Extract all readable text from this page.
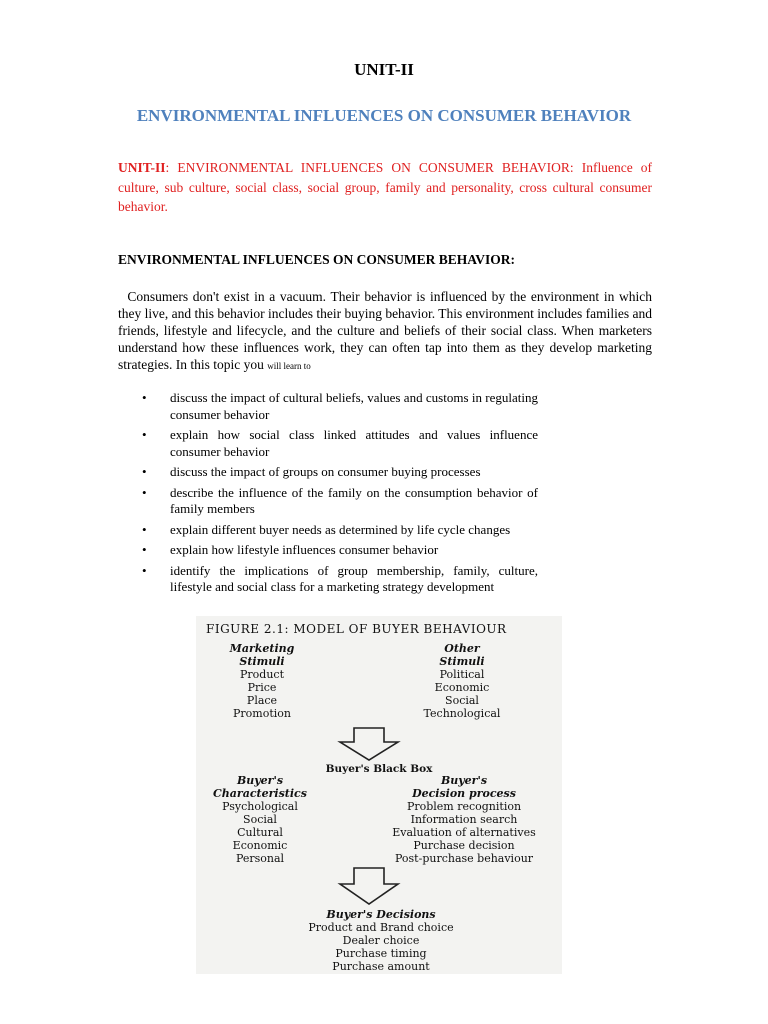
UNIT-II
ENVIRONMENTAL INFLUENCES ON CONSUMER BEHAVIOR
UNIT-II: ENVIRONMENTAL INFLUENCES ON CONSUMER BEHAVIOR: Influence of culture, sub culture, social class, social group, family and personality, cross cultural consumer behavior.
ENVIRONMENTAL INFLUENCES ON CONSUMER BEHAVIOR:
Consumers don't exist in a vacuum. Their behavior is influenced by the environment in which they live, and this behavior includes their buying behavior. This environment includes families and friends, lifestyle and lifecycle, and the culture and beliefs of their social class. When marketers understand how these influences work, they can often tap into them as they develop marketing strategies. In this topic you will learn to
• discuss the impact of cultural beliefs, values and customs in regulating consumer behavior
• explain how social class linked attitudes and values influence consumer behavior
• discuss the impact of groups on consumer buying processes
• describe the influence of the family on the consumption behavior of family members
• explain different buyer needs as determined by life cycle changes
• explain how lifestyle influences consumer behavior
• identify the implications of group membership, family, culture, lifestyle and social class for a marketing strategy development
FIGURE 2.1: MODEL OF BUYER BEHAVIOUR
Marketing
Stimuli
Product
Price
Place
Promotion
Other
Stimuli
Political
Economic
Social
Technological
Buyer's Black Box
Buyer's
Characteristics
Psychological
Social
Cultural
Economic
Personal
Buyer's
Decision process
Problem recognition
Information search
Evaluation of alternatives
Purchase decision
Post-purchase behaviour
Buyer's Decisions
Product and Brand choice
Dealer choice
Purchase timing
Purchase amount
